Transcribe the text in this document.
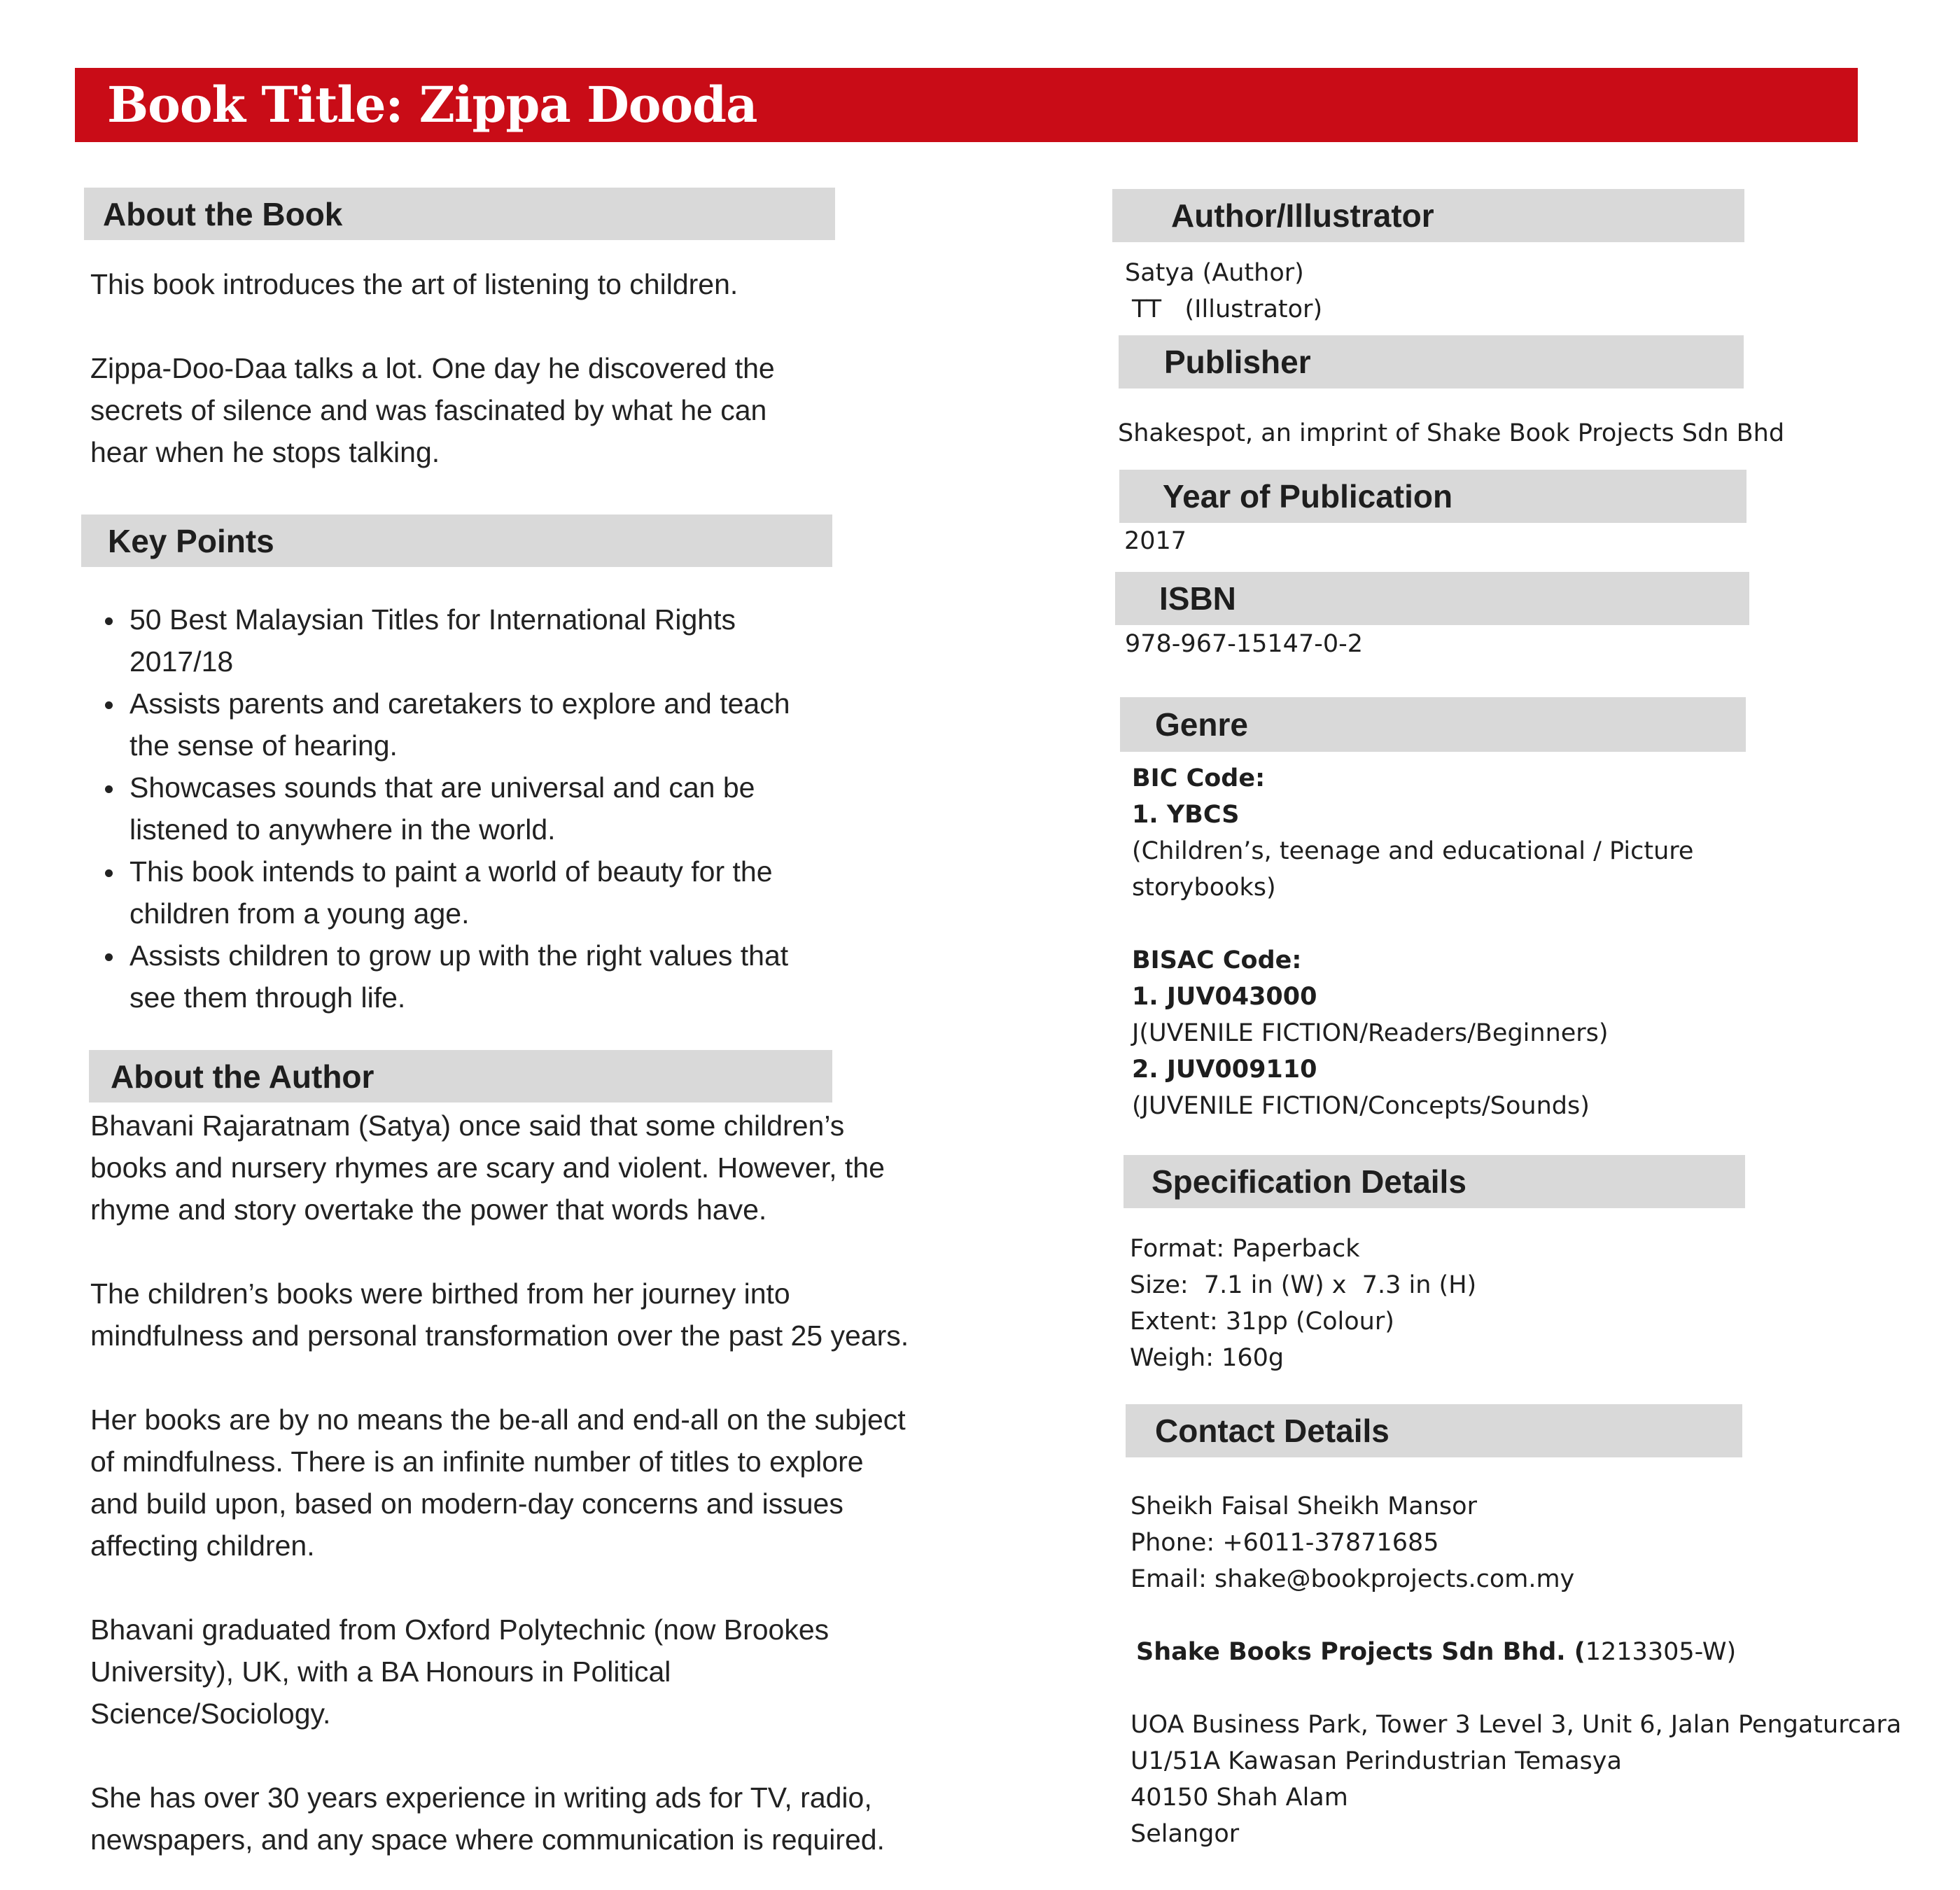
Book Title: Zippa Dooda
About the Book

This book introduces the art of listening to children.

Zippa-Doo-Daa talks a lot. One day he discovered the

secrets of silence and was fascinated by what he can

hear when he stops talking.

Key Points
50 Best Malaysian Titles for International Rights
2017/18
Assists parents and caretakers to explore and teach
the sense of hearing.
Showcases sounds that are universal and can be
listened to anywhere in the world.
This book intends to paint a world of beauty for the
children from a young age.
Assists children to grow up with the right values that
see them through life.
About the Author

Bhavani Rajaratnam (Satya) once said that some children’s

books and nursery rhymes are scary and violent. However, the

rhyme and story overtake the power that words have.

The children’s books were birthed from her journey into

mindfulness and personal transformation over the past 25 years.

Her books are by no means the be-all and end-all on the subject

of mindfulness. There is an infinite number of titles to explore

and build upon, based on modern-day concerns and issues

affecting children.

Bhavani graduated from Oxford Polytechnic (now Brookes

University), UK, with a BA Honours in Political

Science/Sociology.

She has over 30 years experience in writing ads for TV, radio,

newspapers, and any space where communication is required.

Author/Illustrator

Satya (Author)

TT   (Illustrator)

Publisher

Shakespot, an imprint of Shake Book Projects Sdn Bhd

Year of Publication

2017

ISBN

978-967-15147-0-2

Genre

BIC Code:

1. YBCS

(Children’s, teenage and educational / Picture

storybooks)

BISAC Code:

1. JUV043000

J(UVENILE FICTION/Readers/Beginners)

2. JUV009110

(JUVENILE FICTION/Concepts/Sounds)

Specification Details

Format: Paperback

Size:  7.1 in (W) x  7.3 in (H)

Extent: 31pp (Colour)

Weigh: 160g

Contact Details

Sheikh Faisal Sheikh Mansor

Phone: +6011-37871685

Email: shake@bookprojects.com.my

Shake Books Projects Sdn Bhd. (1213305-W)

UOA Business Park, Tower 3 Level 3, Unit 6, Jalan Pengaturcara

U1/51A Kawasan Perindustrian Temasya

40150 Shah Alam

Selangor
